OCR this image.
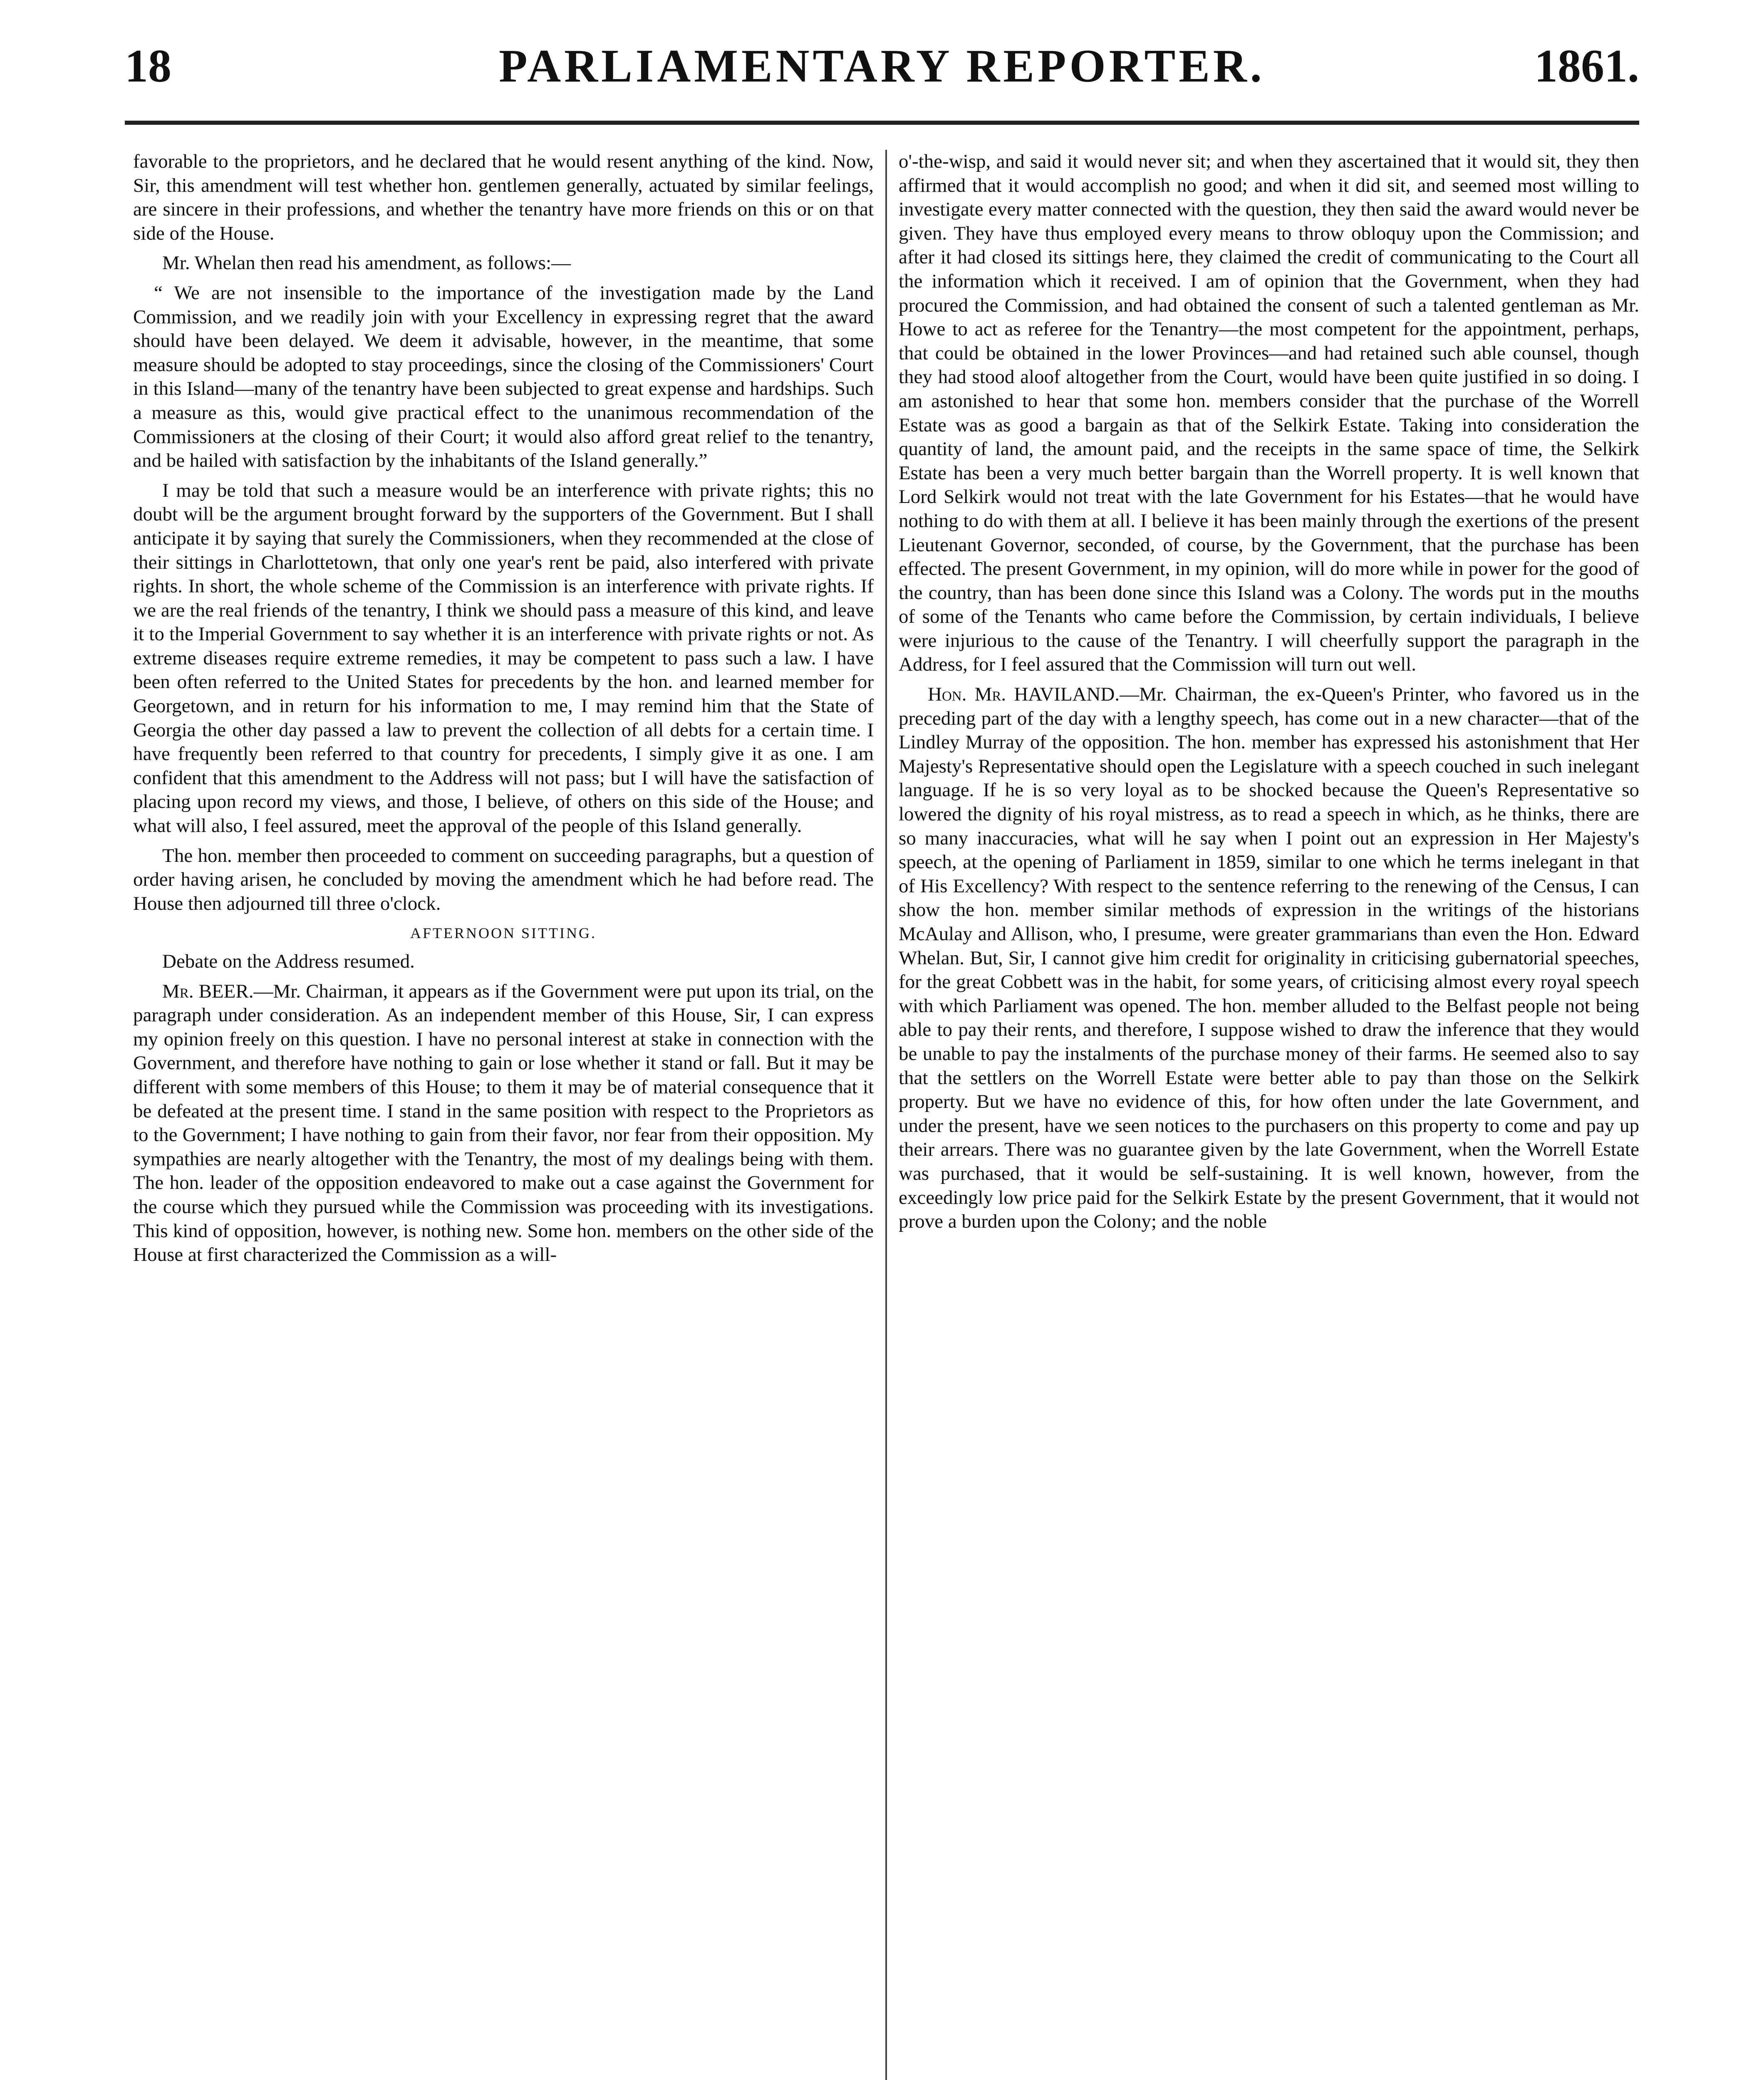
18	PARLIAMENTARY REPORTER.	1861.

favorable to the proprietors, and he declared that he would resent anything of the kind. Now, Sir, this amendment will test whether hon. gentlemen generally, actuated by similar feelings, are sincere in their professions, and whether the tenantry have more friends on this or on that side of the House.

Mr. Whelan then read his amendment, as follows:—

“ We are not insensible to the importance of the investigation made by the Land Commission, and we readily join with your Excellency in expressing regret that the award should have been delayed. We deem it advisable, however, in the meantime, that some measure should be adopted to stay proceedings, since the closing of the Commissioners' Court in this Island—many of the tenantry have been subjected to great expense and hardships. Such a measure as this, would give practical effect to the unanimous recommendation of the Commissioners at the closing of their Court; it would also afford great relief to the tenantry, and be hailed with satisfaction by the inhabitants of the Island generally.”

I may be told that such a measure would be an interference with private rights; this no doubt will be the argument brought forward by the supporters of the Government. But I shall anticipate it by saying that surely the Commissioners, when they recommended at the close of their sittings in Charlottetown, that only one year's rent be paid, also interfered with private rights. In short, the whole scheme of the Commission is an interference with private rights. If we are the real friends of the tenantry, I think we should pass a measure of this kind, and leave it to the Imperial Government to say whether it is an interference with private rights or not. As extreme diseases require extreme remedies, it may be competent to pass such a law. I have been often referred to the United States for precedents by the hon. and learned member for Georgetown, and in return for his information to me, I may remind him that the State of Georgia the other day passed a law to prevent the collection of all debts for a certain time. I have frequently been referred to that country for precedents, I simply give it as one. I am confident that this amendment to the Address will not pass; but I will have the satisfaction of placing upon record my views, and those, I believe, of others on this side of the House; and what will also, I feel assured, meet the approval of the people of this Island generally.

The hon. member then proceeded to comment on succeeding paragraphs, but a question of order having arisen, he concluded by moving the amendment which he had before read. The House then adjourned till three o'clock.

AFTERNOON SITTING.

Debate on the Address resumed.

Mr. BEER.—Mr. Chairman, it appears as if the Government were put upon its trial, on the paragraph under consideration. As an independent member of this House, Sir, I can express my opinion freely on this question. I have no personal interest at stake in connection with the Government, and therefore have nothing to gain or lose whether it stand or fall. But it may be different with some members of this House; to them it may be of material consequence that it be defeated at the present time. I stand in the same position with respect to the Proprietors as to the Government; I have nothing to gain from their favor, nor fear from their opposition. My sympathies are nearly altogether with the Tenantry, the most of my dealings being with them. The hon. leader of the opposition endeavored to make out a case against the Government for the course which they pursued while the Commission was proceeding with its investigations. This kind of opposition, however, is nothing new. Some hon. members on the other side of the House at first characterized the Commission as a will-

o'-the-wisp, and said it would never sit; and when they ascertained that it would sit, they then affirmed that it would accomplish no good; and when it did sit, and seemed most willing to investigate every matter connected with the question, they then said the award would never be given. They have thus employed every means to throw obloquy upon the Commission; and after it had closed its sittings here, they claimed the credit of communicating to the Court all the information which it received. I am of opinion that the Government, when they had procured the Commission, and had obtained the consent of such a talented gentleman as Mr. Howe to act as referee for the Tenantry—the most competent for the appointment, perhaps, that could be obtained in the lower Provinces—and had retained such able counsel, though they had stood aloof altogether from the Court, would have been quite justified in so doing. I am astonished to hear that some hon. members consider that the purchase of the Worrell Estate was as good a bargain as that of the Selkirk Estate. Taking into consideration the quantity of land, the amount paid, and the receipts in the same space of time, the Selkirk Estate has been a very much better bargain than the Worrell property. It is well known that Lord Selkirk would not treat with the late Government for his Estates—that he would have nothing to do with them at all. I believe it has been mainly through the exertions of the present Lieutenant Governor, seconded, of course, by the Government, that the purchase has been effected. The present Government, in my opinion, will do more while in power for the good of the country, than has been done since this Island was a Colony. The words put in the mouths of some of the Tenants who came before the Commission, by certain individuals, I believe were injurious to the cause of the Tenantry. I will cheerfully support the paragraph in the Address, for I feel assured that the Commission will turn out well.

Hon. Mr. HAVILAND.—Mr. Chairman, the ex-Queen's Printer, who favored us in the preceding part of the day with a lengthy speech, has come out in a new character—that of the Lindley Murray of the opposition. The hon. member has expressed his astonishment that Her Majesty's Representative should open the Legislature with a speech couched in such inelegant language. If he is so very loyal as to be shocked because the Queen's Representative so lowered the dignity of his royal mistress, as to read a speech in which, as he thinks, there are so many inaccuracies, what will he say when I point out an expression in Her Majesty's speech, at the opening of Parliament in 1859, similar to one which he terms inelegant in that of His Excellency? With respect to the sentence referring to the renewing of the Census, I can show the hon. member similar methods of expression in the writings of the historians McAulay and Allison, who, I presume, were greater grammarians than even the Hon. Edward Whelan. But, Sir, I cannot give him credit for originality in criticising gubernatorial speeches, for the great Cobbett was in the habit, for some years, of criticising almost every royal speech with which Parliament was opened. The hon. member alluded to the Belfast people not being able to pay their rents, and therefore, I suppose wished to draw the inference that they would be unable to pay the instalments of the purchase money of their farms. He seemed also to say that the settlers on the Worrell Estate were better able to pay than those on the Selkirk property. But we have no evidence of this, for how often under the late Government, and under the present, have we seen notices to the purchasers on this property to come and pay up their arrears. There was no guarantee given by the late Government, when the Worrell Estate was purchased, that it would be self-sustaining. It is well known, however, from the exceedingly low price paid for the Selkirk Estate by the present Government, that it would not prove a burden upon the Colony; and the noble
